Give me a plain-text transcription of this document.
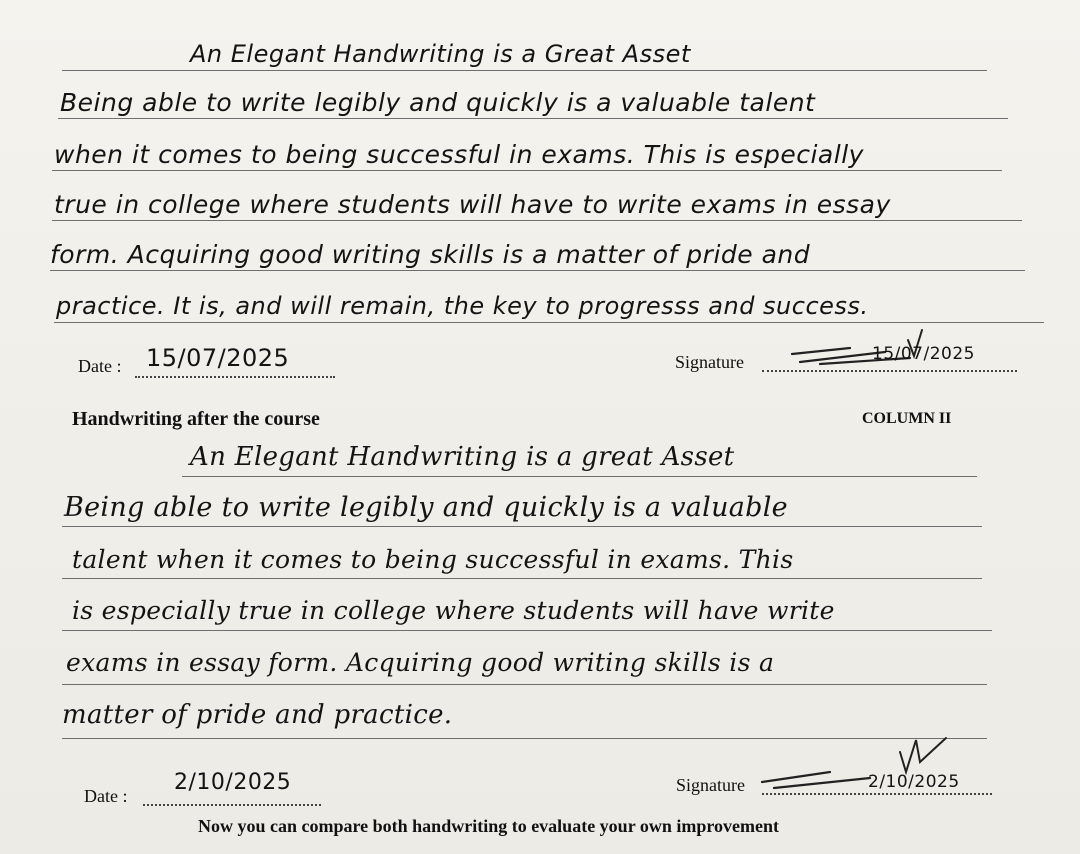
An Elegant Handwriting is a Great Asset
Being able to write legibly and quickly is a valuable talent
when it comes to being successful in exams. This is especially
true in college where students will have to write exams in essay
form. Acquiring good writing skills is a matter of pride and
practice. It is, and will remain, the key to progresss and success.
Date : 15/07/2025	Signature	15/07/2025
Handwriting after the course	COLUMN II
An Elegant Handwriting is a great Asset
Being able to write legibly and quickly is a valuable
talent when it comes to being successful in exams. This
is especially true in college where students will have write
exams in essay form. Acquiring good writing skills is a
matter of pride and practice.
Date :
2/10/2025	Signature	2/10/2025
Now you can compare both handwriting to evaluate your own improvement
